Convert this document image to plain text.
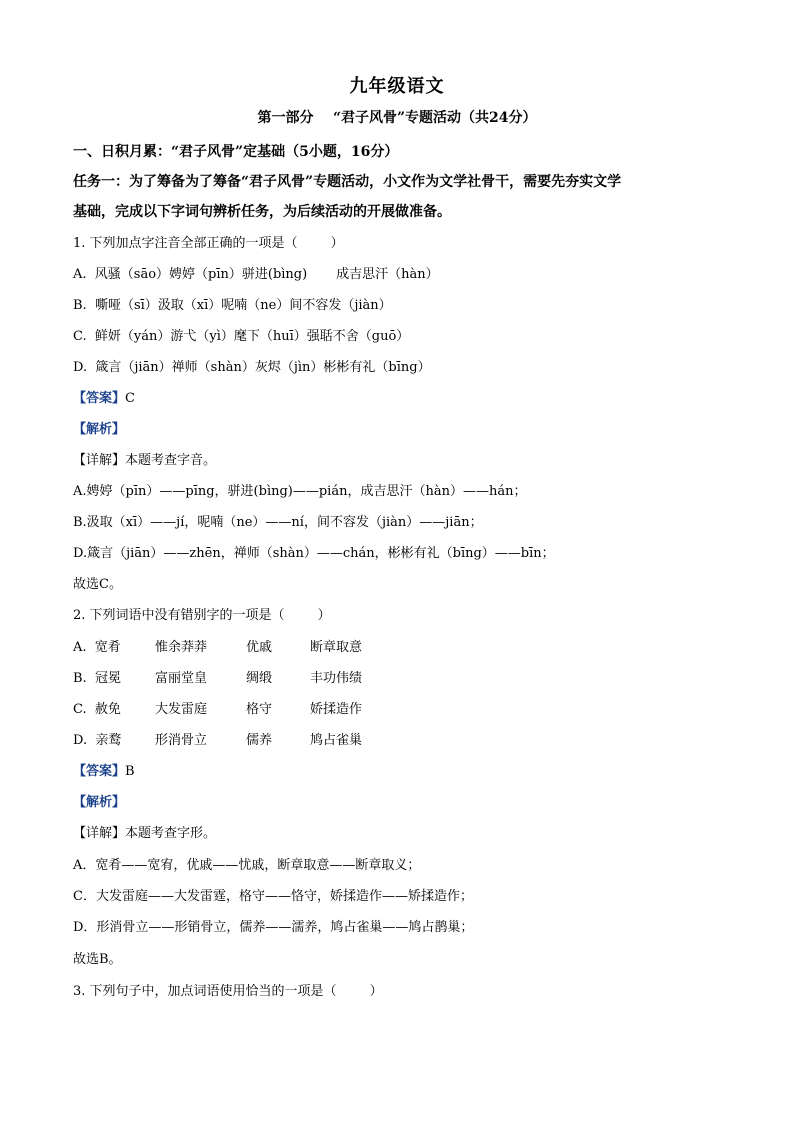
九年级语文
第一部分    “君子风骨”专题活动（共24分）
一、日积月累：“君子风骨”定基础（5小题，16分）
任务一：为了筹备为了筹备“君子风骨”专题活动，小文作为文学社骨干，需要先夯实文学
基础，完成以下字词句辨析任务，为后续活动的开展做准备。
1. 下列加点字注音全部正确的一项是（        ）
A.  风骚（sāo）娉婷（pīn）骈进(bìng)       成吉思汗（hàn）
B.  嘶哑（sī）汲取（xī）呢喃（ne）间不容发（jiàn）
C.  鲜妍（yán）游弋（yì）麾下（huī）强聒不舍（guō）
D.  箴言（jiān）禅师（shàn）灰烬（jìn）彬彬有礼（bīng）
【答案】C
【解析】
【详解】本题考查字音。
A.娉婷（pīn）——pīng，骈进(bìng)——pián，成吉思汗（hàn）——hán；
B.汲取（xī）——jí，呢喃（ne）——ní，间不容发（jiàn）——jiān；
D.箴言（jiān）——zhēn，禅师（shàn）——chán，彬彬有礼（bīng）——bīn；
故选C。
2. 下列词语中没有错别字的一项是（        ）
A.  宽肴	惟余莽莽	优戚	断章取意
B.  冠冕	富丽堂皇	绸缎	丰功伟绩
C.  赦免	大发雷庭	格守	娇揉造作
D.  亲鹜	形消骨立	儒养	鸠占雀巢
【答案】B
【解析】
【详解】本题考查字形。
A．宽肴——宽宥，优戚——忧戚，断章取意——断章取义；
C．大发雷庭——大发雷霆，格守——恪守，娇揉造作——矫揉造作；
D．形消骨立——形销骨立，儒养——濡养，鸠占雀巢——鸠占鹊巢；
故选B。
3. 下列句子中，加点词语使用恰当的一项是（        ）
